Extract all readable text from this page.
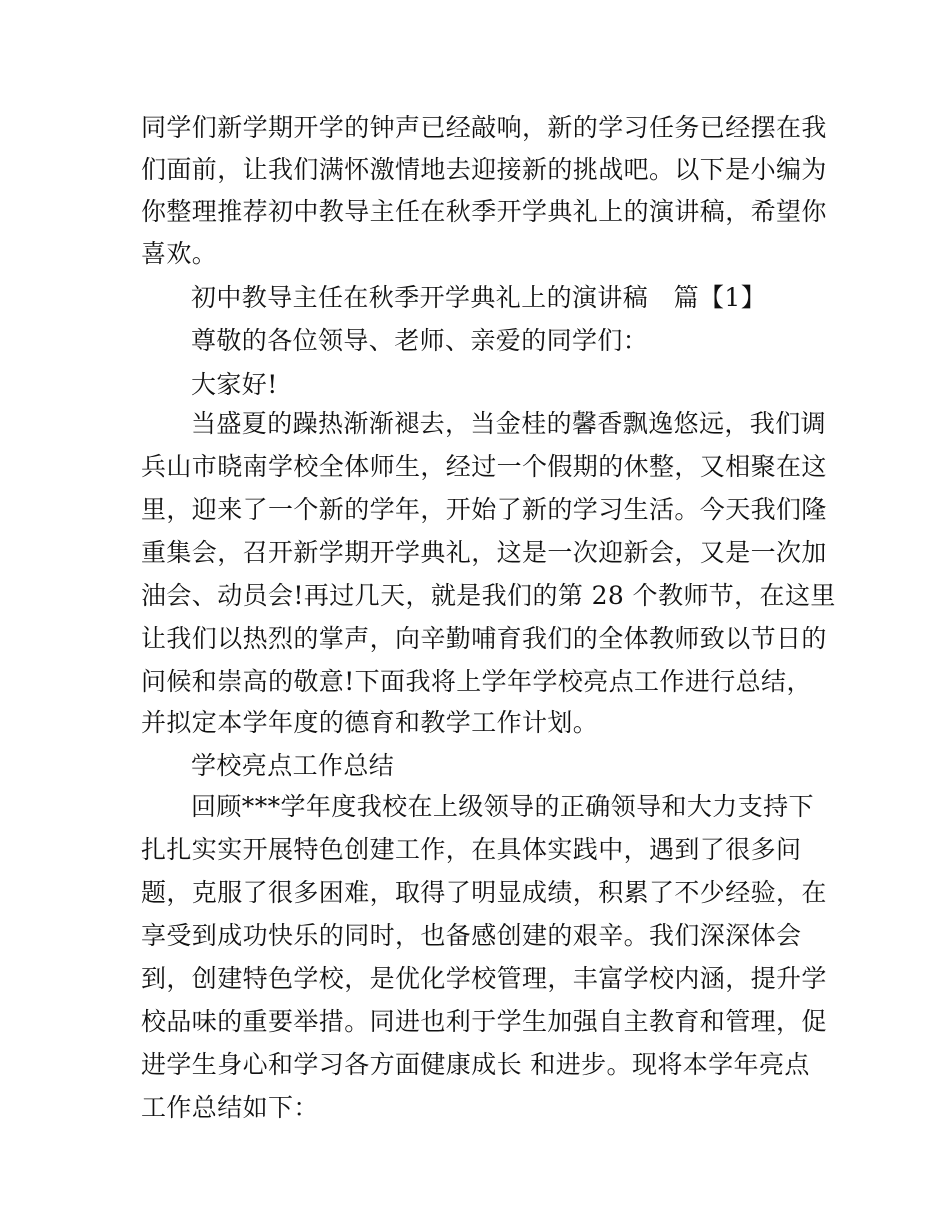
同学们新学期开学的钟声已经敲响，新的学习任务已经摆在我
们面前，让我们满怀激情地去迎接新的挑战吧。以下是小编为
你整理推荐初中教导主任在秋季开学典礼上的演讲稿，希望你
喜欢。
初中教导主任在秋季开学典礼上的演讲稿　篇【1】
尊敬的各位领导、老师、亲爱的同学们：
大家好!
当盛夏的躁热渐渐褪去，当金桂的馨香飘逸悠远，我们调
兵山市晓南学校全体师生，经过一个假期的休整，又相聚在这
里，迎来了一个新的学年，开始了新的学习生活。今天我们隆
重集会，召开新学期开学典礼，这是一次迎新会，又是一次加
油会、动员会!再过几天，就是我们的第 28 个教师节，在这里
让我们以热烈的掌声，向辛勤哺育我们的全体教师致以节日的
问候和崇高的敬意!下面我将上学年学校亮点工作进行总结，
并拟定本学年度的德育和教学工作计划。
学校亮点工作总结
回顾***学年度我校在上级领导的正确领导和大力支持下
扎扎实实开展特色创建工作，在具体实践中，遇到了很多问
题，克服了很多困难，取得了明显成绩，积累了不少经验，在
享受到成功快乐的同时，也备感创建的艰辛。我们深深体会
到，创建特色学校，是优化学校管理，丰富学校内涵，提升学
校品味的重要举措。同进也利于学生加强自主教育和管理，促
进学生身心和学习各方面健康成长 和进步。现将本学年亮点
工作总结如下：
